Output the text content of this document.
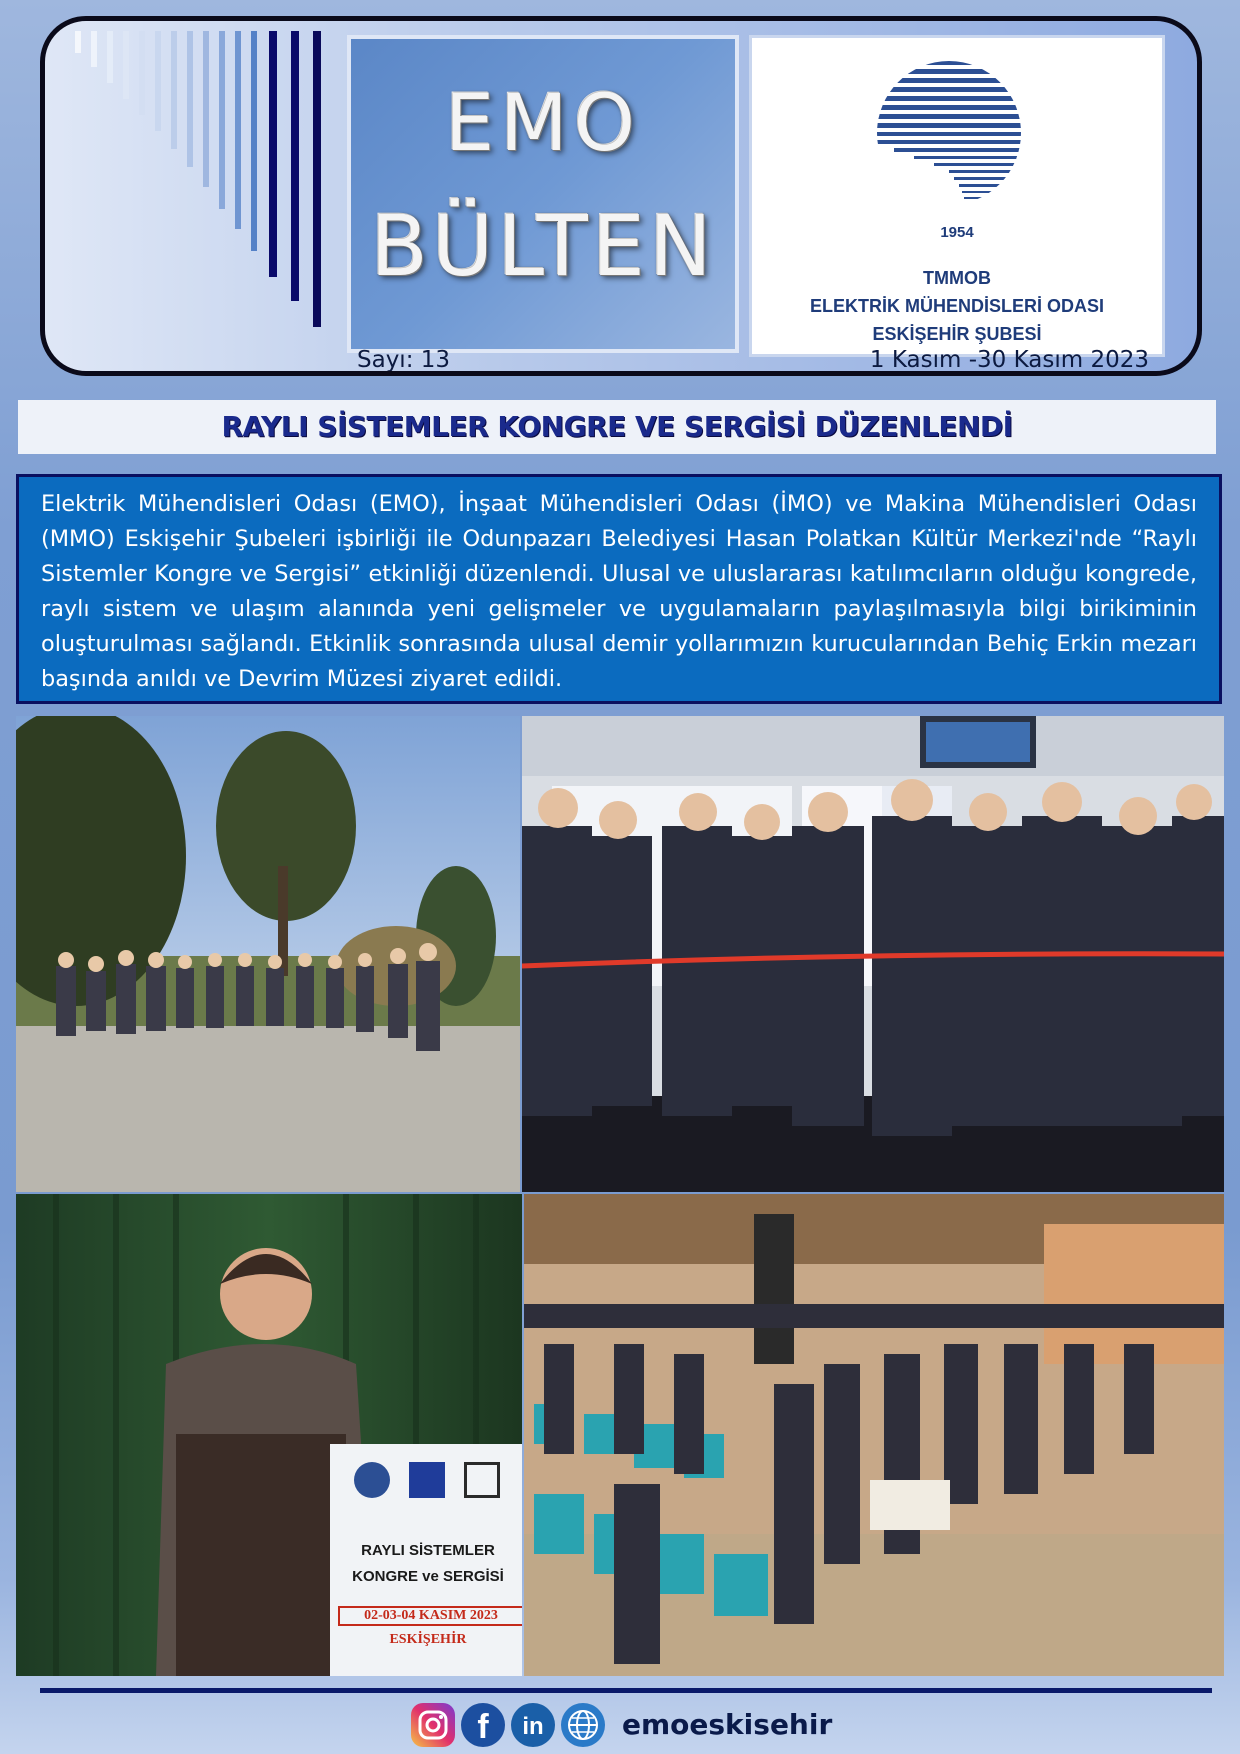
EMO
BÜLTEN	1954
TMMOB
ELEKTRİK MÜHENDİSLERİ ODASI
ESKİŞEHİR ŞUBESİ
Sayı: 13	1 Kasım -30 Kasım 2023
RAYLI SİSTEMLER KONGRE VE SERGİSİ DÜZENLENDİ

Elektrik Mühendisleri Odası (EMO), İnşaat Mühendisleri Odası (İMO) ve Makina Mühendisleri Odası (MMO) Eskişehir Şubeleri işbirliği ile Odunpazarı Belediyesi Hasan Polatkan Kültür Merkezi'nde “Raylı Sistemler Kongre ve Sergisi” etkinliği düzenlendi. Ulusal ve uluslararası katılımcıların olduğu kongrede, raylı sistem ve ulaşım alanında yeni gelişmeler ve uygulamaların paylaşılmasıyla bilgi birikiminin oluşturulması sağlandı. Etkinlik sonrasında ulusal demir yollarımızın kurucularından Behiç Erkin mezarı başında anıldı ve Devrim Müzesi ziyaret edildi.

RAYLI SİSTEMLER
KONGRE ve SERGİSİ
02-03-04 KASIM 2023
ESKİŞEHİR
f in	emoeskisehir
